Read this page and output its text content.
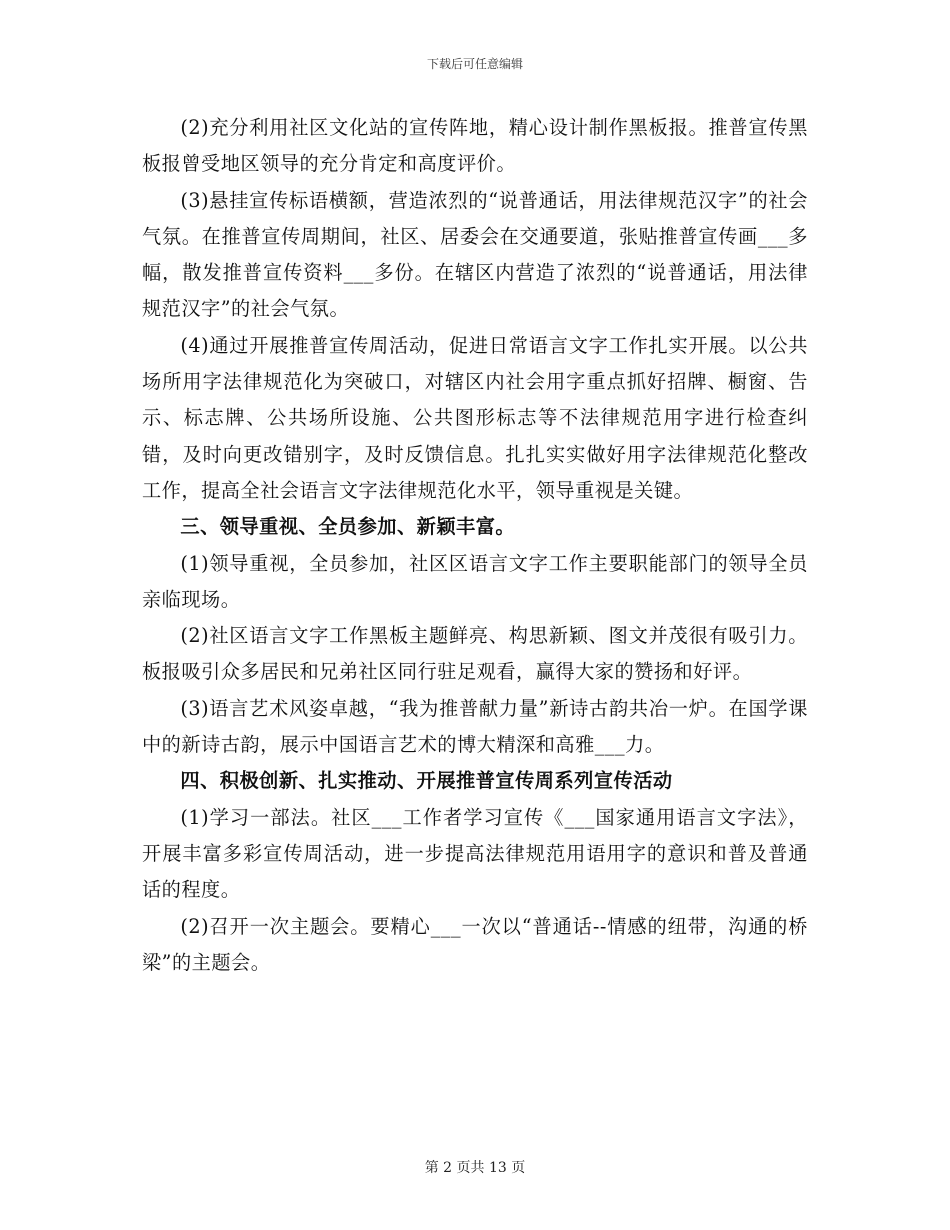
下载后可任意编辑

(2)充分利用社区文化站的宣传阵地，精心设计制作黑板报。推普宣传黑板报曾受地区领导的充分肯定和高度评价。

(3)悬挂宣传标语横额，营造浓烈的“说普通话，用法律规范汉字”的社会气氛。在推普宣传周期间，社区、居委会在交通要道，张贴推普宣传画___多幅，散发推普宣传资料___多份。在辖区内营造了浓烈的“说普通话，用法律规范汉字”的社会气氛。

(4)通过开展推普宣传周活动，促进日常语言文字工作扎实开展。以公共场所用字法律规范化为突破口，对辖区内社会用字重点抓好招牌、橱窗、告示、标志牌、公共场所设施、公共图形标志等不法律规范用字进行检查纠错，及时向更改错别字，及时反馈信息。扎扎实实做好用字法律规范化整改工作，提高全社会语言文字法律规范化水平，领导重视是关键。

三、领导重视、全员参加、新颖丰富。

(1)领导重视，全员参加，社区区语言文字工作主要职能部门的领导全员亲临现场。

(2)社区语言文字工作黑板主题鲜亮、构思新颖、图文并茂很有吸引力。板报吸引众多居民和兄弟社区同行驻足观看，赢得大家的赞扬和好评。

(3)语言艺术风姿卓越，“我为推普献力量”新诗古韵共冶一炉。在国学课中的新诗古韵，展示中国语言艺术的博大精深和高雅___力。

四、积极创新、扎实推动、开展推普宣传周系列宣传活动

(1)学习一部法。社区___工作者学习宣传《___国家通用语言文字法》，开展丰富多彩宣传周活动，进一步提高法律规范用语用字的意识和普及普通话的程度。

(2)召开一次主题会。要精心___一次以“普通话--情感的纽带，沟通的桥梁”的主题会。

第 2 页共 13 页
